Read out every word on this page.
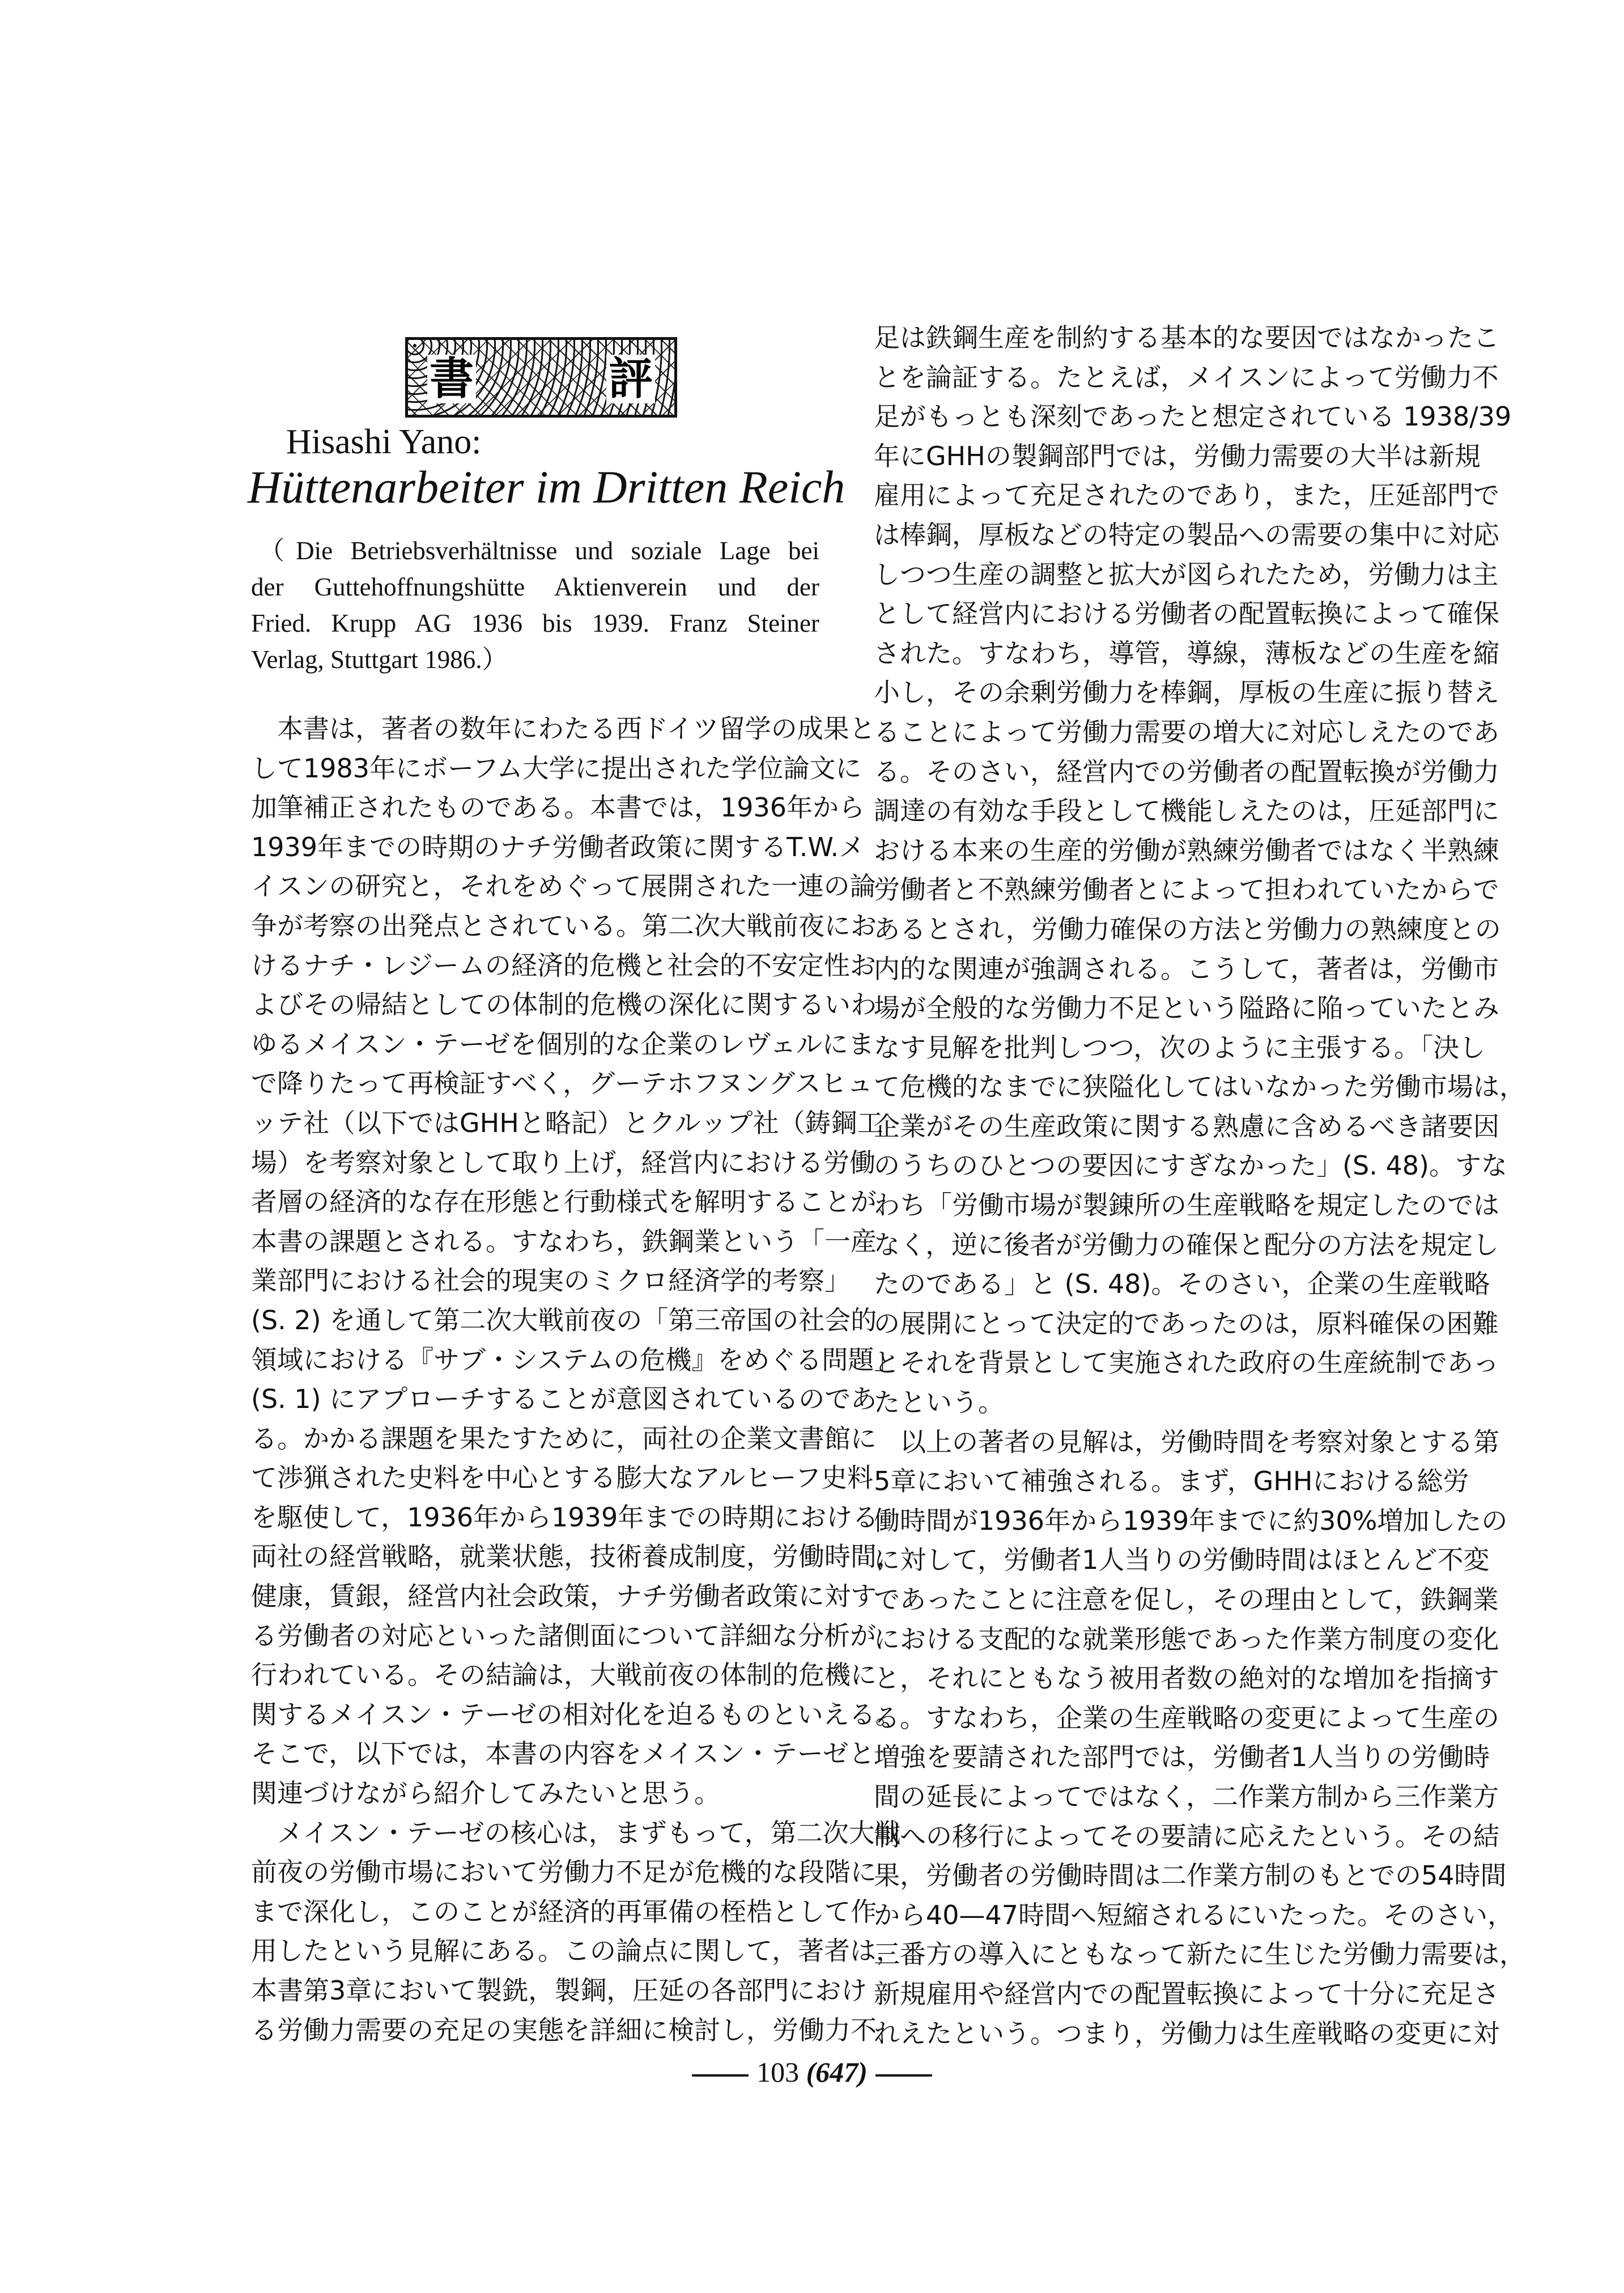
書	評
Hisashi Yano:
Hüttenarbeiter im Dritten Reich
（Die Betriebsverhältnisse und soziale Lage bei
der Guttehoffnungshütte Aktienverein und der
Fried. Krupp AG 1936 bis 1939. Franz Steiner
Verlag, Stuttgart 1986.）
本書は，著者の数年にわたる西ドイツ留学の成果と
して1983年にボーフム大学に提出された学位論文に
加筆補正されたものである。本書では，1936年から
1939年までの時期のナチ労働者政策に関するT.W.メ
イスンの研究と，それをめぐって展開された一連の論
争が考察の出発点とされている。第二次大戦前夜にお
けるナチ・レジームの経済的危機と社会的不安定性お
よびその帰結としての体制的危機の深化に関するいわ
ゆるメイスン・テーゼを個別的な企業のレヴェルにま
で降りたって再検証すべく，グーテホフヌングスヒュ
ッテ社（以下ではGHHと略記）とクルップ社（鋳鋼工
場）を考察対象として取り上げ，経営内における労働
者層の経済的な存在形態と行動様式を解明することが
本書の課題とされる。すなわち，鉄鋼業という「一産
業部門における社会的現実のミクロ経済学的考察」
(S. 2) を通して第二次大戦前夜の「第三帝国の社会的
領域における『サブ・システムの危機』をめぐる問題」
(S. 1) にアプローチすることが意図されているのであ
る。かかる課題を果たすために，両社の企業文書館に
て渉猟された史料を中心とする膨大なアルヒーフ史料
を駆使して，1936年から1939年までの時期における
両社の経営戦略，就業状態，技術養成制度，労働時間，
健康，賃銀，経営内社会政策，ナチ労働者政策に対す
る労働者の対応といった諸側面について詳細な分析が
行われている。その結論は，大戦前夜の体制的危機に
関するメイスン・テーゼの相対化を迫るものといえる。
そこで，以下では，本書の内容をメイスン・テーゼと
関連づけながら紹介してみたいと思う。
メイスン・テーゼの核心は，まずもって，第二次大戦
前夜の労働市場において労働力不足が危機的な段階に
まで深化し，このことが経済的再軍備の桎梏として作
用したという見解にある。この論点に関して，著者は，
本書第3章において製銑，製鋼，圧延の各部門におけ
る労働力需要の充足の実態を詳細に検討し，労働力不
足は鉄鋼生産を制約する基本的な要因ではなかったこ
とを論証する。たとえば，メイスンによって労働力不
足がもっとも深刻であったと想定されている 1938/39
年にGHHの製鋼部門では，労働力需要の大半は新規
雇用によって充足されたのであり，また，圧延部門で
は棒鋼，厚板などの特定の製品への需要の集中に対応
しつつ生産の調整と拡大が図られたため，労働力は主
として経営内における労働者の配置転換によって確保
された。すなわち，導管，導線，薄板などの生産を縮
小し，その余剰労働力を棒鋼，厚板の生産に振り替え
ることによって労働力需要の増大に対応しえたのであ
る。そのさい，経営内での労働者の配置転換が労働力
調達の有効な手段として機能しえたのは，圧延部門に
おける本来の生産的労働が熟練労働者ではなく半熟練
労働者と不熟練労働者とによって担われていたからで
あるとされ，労働力確保の方法と労働力の熟練度との
内的な関連が強調される。こうして，著者は，労働市
場が全般的な労働力不足という隘路に陥っていたとみ
なす見解を批判しつつ，次のように主張する。「決し
て危機的なまでに狭隘化してはいなかった労働市場は，
企業がその生産政策に関する熟慮に含めるべき諸要因
のうちのひとつの要因にすぎなかった」(S. 48)。すな
わち「労働市場が製錬所の生産戦略を規定したのでは
なく，逆に後者が労働力の確保と配分の方法を規定し
たのである」と (S. 48)。そのさい，企業の生産戦略
の展開にとって決定的であったのは，原料確保の困難
とそれを背景として実施された政府の生産統制であっ
たという。
以上の著者の見解は，労働時間を考察対象とする第
5章において補強される。まず，GHHにおける総労
働時間が1936年から1939年までに約30%増加したの
に対して，労働者1人当りの労働時間はほとんど不変
であったことに注意を促し，その理由として，鉄鋼業
における支配的な就業形態であった作業方制度の変化
と，それにともなう被用者数の絶対的な増加を指摘す
る。すなわち，企業の生産戦略の変更によって生産の
増強を要請された部門では，労働者1人当りの労働時
間の延長によってではなく，二作業方制から三作業方
制への移行によってその要請に応えたという。その結
果，労働者の労働時間は二作業方制のもとでの54時間
から40—47時間へ短縮されるにいたった。そのさい，
三番方の導入にともなって新たに生じた労働力需要は，
新規雇用や経営内での配置転換によって十分に充足さ
れえたという。つまり，労働力は生産戦略の変更に対
103 (647)
